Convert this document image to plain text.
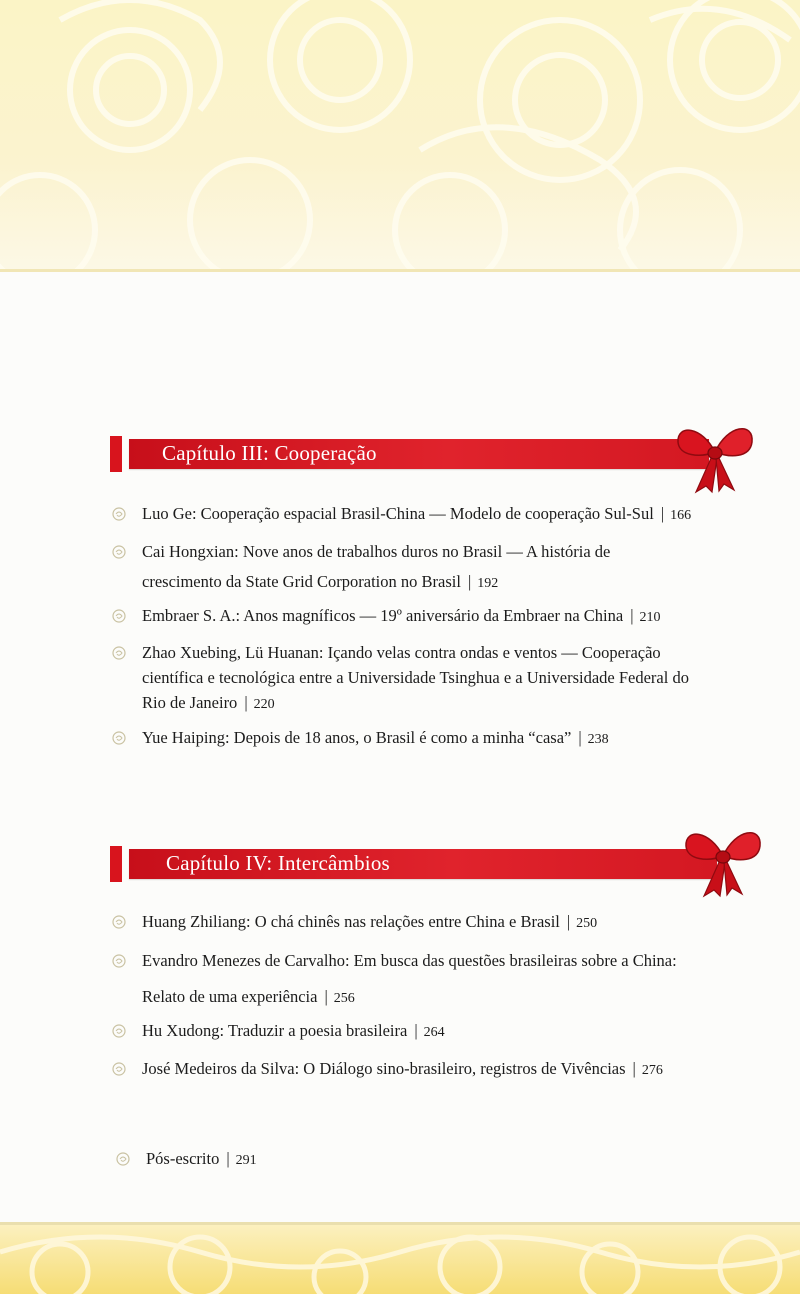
Capítulo III: Cooperação
Luo Ge: Cooperação espacial Brasil-China — Modelo de cooperação Sul-Sul | 166
Cai Hongxian: Nove anos de trabalhos duros no Brasil — A história de
crescimento da State Grid Corporation no Brasil | 192
Embraer S. A.: Anos magníficos — 19º aniversário da Embraer na China | 210
Zhao Xuebing, Lü Huanan: Içando velas contra ondas e ventos — Cooperação
científica e tecnológica entre a Universidade Tsinghua e a Universidade Federal do
Rio de Janeiro | 220
Yue Haiping: Depois de 18 anos, o Brasil é como a minha “casa” | 238
Capítulo IV: Intercâmbios
Huang Zhiliang: O chá chinês nas relações entre China e Brasil | 250
Evandro Menezes de Carvalho: Em busca das questões brasileiras sobre a China:
Relato de uma experiência | 256
Hu Xudong: Traduzir a poesia brasileira | 264
José Medeiros da Silva: O Diálogo sino-brasileiro, registros de Vivências | 276
Pós-escrito | 291
